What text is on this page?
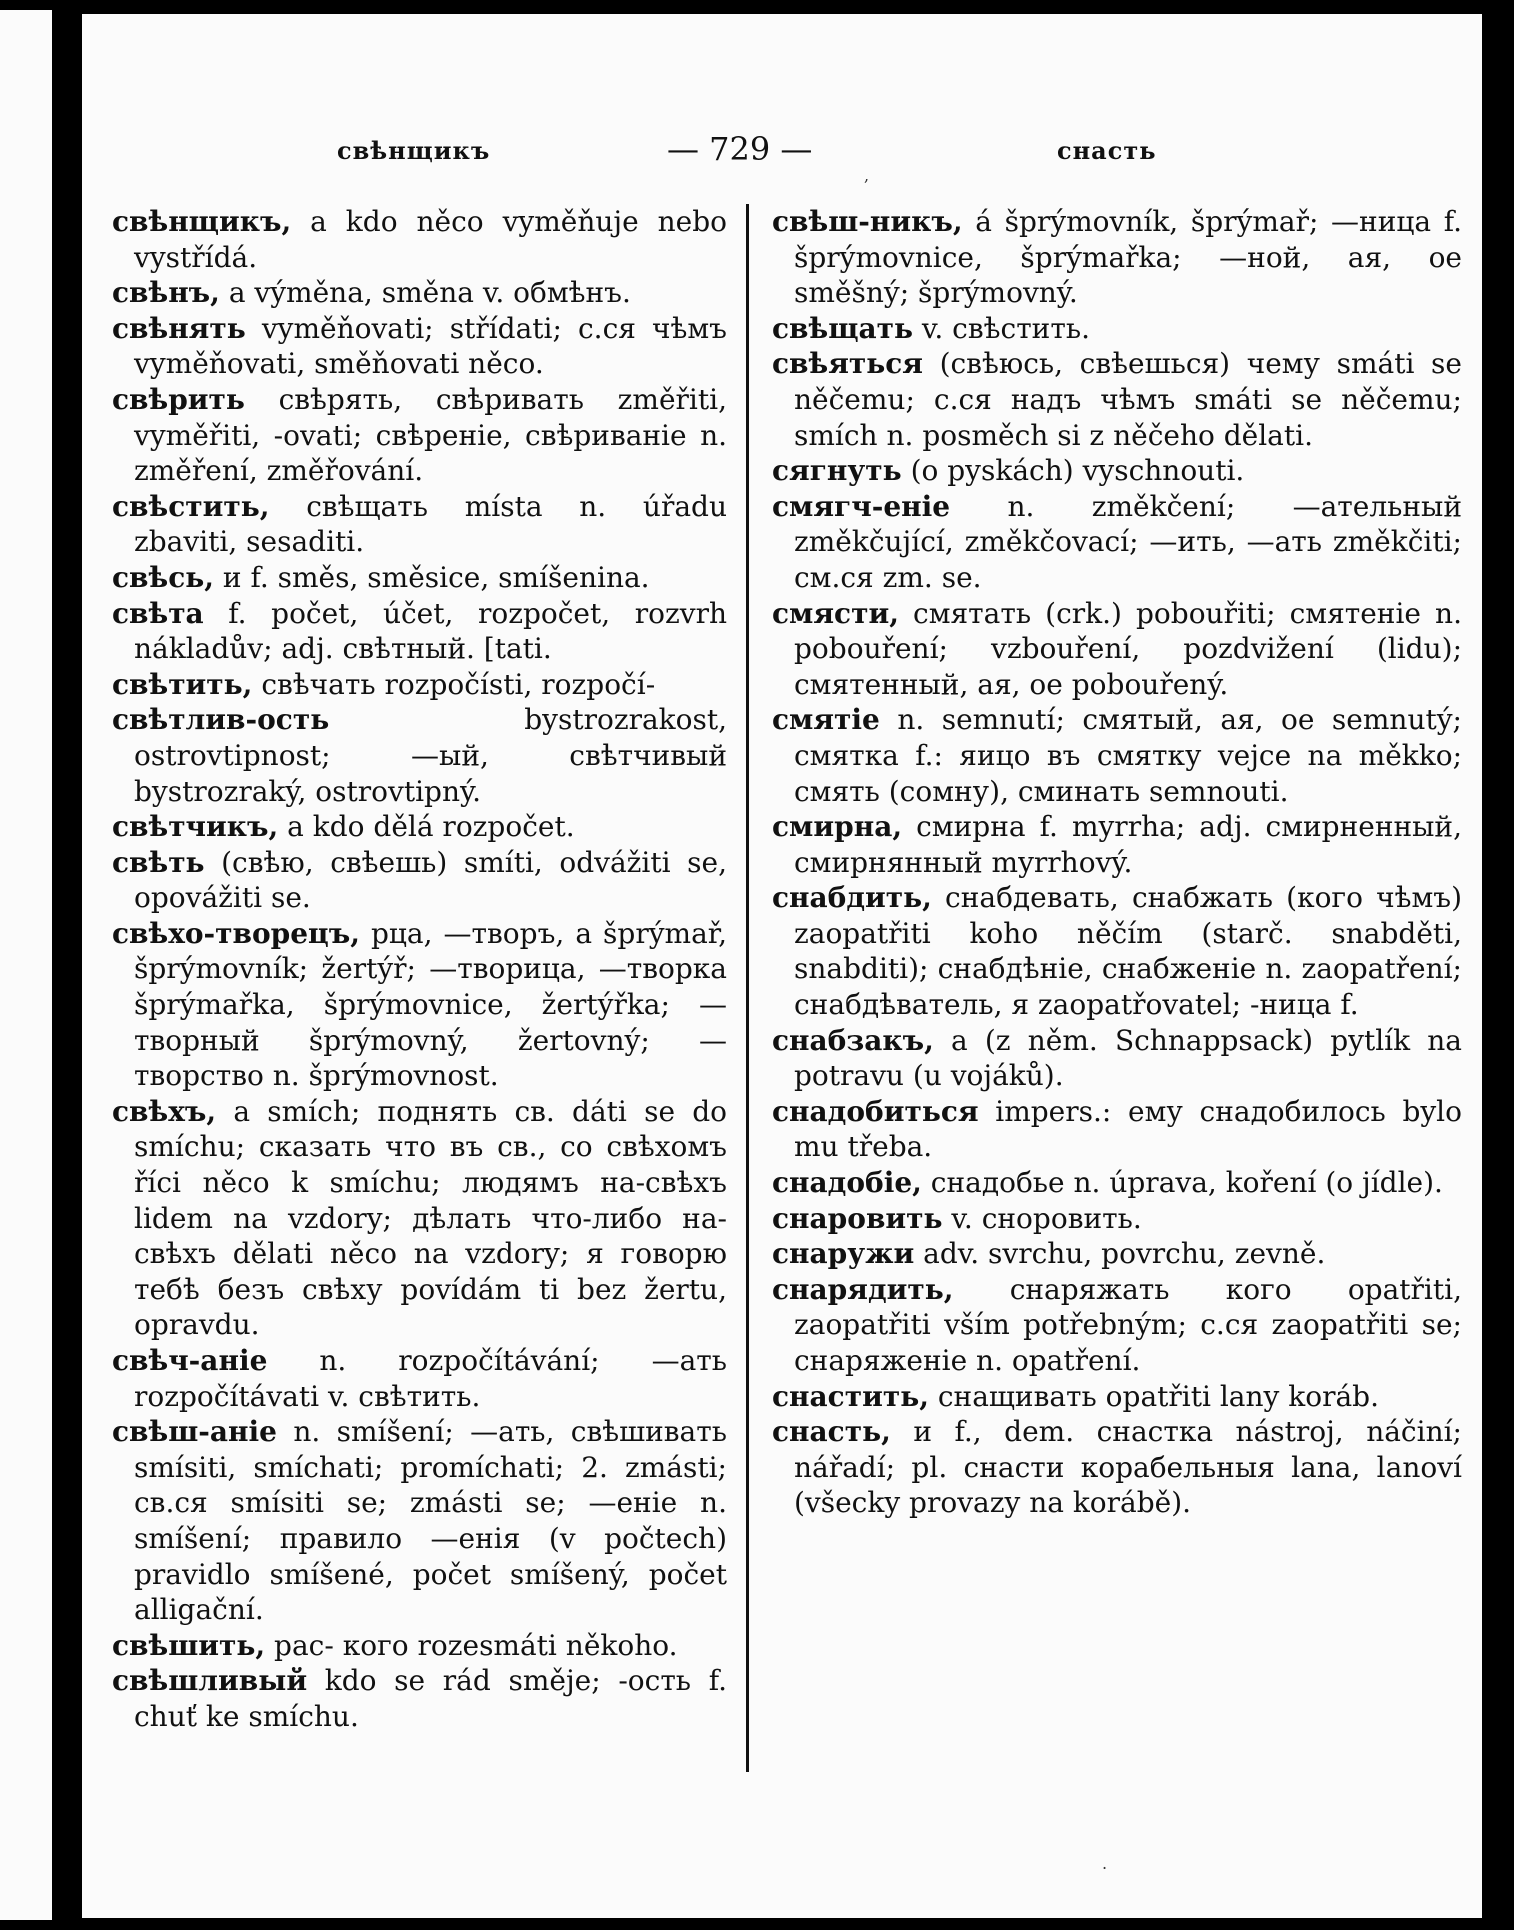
свѣнщикъ	— 729 —	снасть

свѣнщикъ, а kdo něco vyměňuje nebo vystřídá.

свѣнъ, а výměna, směna v. обмѣнъ.

свѣнять vyměňovati; střídati; с.ся чѣмъ vyměňovati, směňovati něco.

свѣрить свѣрять, свѣривать změřiti, vyměřiti, -ovati; свѣреніе, свѣриваніе n. změření, změřování.

свѣстить, свѣщать místa n. úřadu zbaviti, sesaditi.

свѣсь, и f. směs, směsice, smíšenina.

свѣта f. počet, účet, rozpočet, rozvrh nákladův; adj. свѣтный. [tati.

свѣтить, свѣчать rozpočísti, rozpočí-

свѣтлив-ость bystrozrakost, ostrovtipnost; —ый, свѣтчивый bystrozraký, ostrovtipný.

свѣтчикъ, а kdo dělá rozpočet.

свѣть (свѣю, свѣешь) smíti, odvážiti se, opovážiti se.

свѣхо-творецъ, рца, —творъ, а šprýmař, šprýmovník; žertýř; —творица, —творка šprýmařka, šprýmovnice, žertýřka; —творный šprýmovný, žertovný; —творство n. šprýmovnost.

свѣхъ, а smích; поднять св. dáti se do smíchu; сказать что въ св., со свѣхомъ říci něco k smíchu; людямъ на-свѣхъ lidem na vzdory; дѣлать что-либо на-свѣхъ dělati něco na vzdory; я говорю тебѣ безъ свѣху povídám ti bez žertu, opravdu.

свѣч-аніе n. rozpočítávání; —ать rozpočítávati v. свѣтить.

свѣш-аніе n. smíšení; —ать, свѣшивать smísiti, smíchati; promíchati; 2. zmásti; св.ся smísiti se; zmásti se; —еніе n. smíšení; правило —енія (v počtech) pravidlo smíšené, počet smíšený, počet alligační.

свѣшить, рас- кого rozesmáti někoho.

свѣшливый kdo se rád směje; -ость f. chuť ke smíchu.

свѣш-никъ, á šprýmovník, šprýmař; —ница f. šprýmovnice, šprýmařka; —ной, ая, ое směšný; šprýmovný.

свѣщать v. свѣстить.

свѣяться (свѣюсь, свѣешься) чему smáti se něčemu; с.ся надъ чѣмъ smáti se něčemu; smích n. posměch si z něčeho dělati.

сягнуть (о pyskách) vyschnouti.

смягч-еніе n. změkčení; —ательный změkčující, změkčovací; —ить, —ать změkčiti; см.ся zm. se.

смясти, смятать (crk.) pobouřiti; смятеніе n. pobouření; vzbouření, pozdvižení (lidu); смятенный, ая, ое pobouřený.

смятіе n. semnutí; смятый, ая, ое semnutý; смятка f.: яицо въ смятку vejce na měkko; смять (сомну), сминать semnouti.

смирна, смирна f. myrrha; adj. смирненный, смирнянный myrrhový.

снабдить, снабдевать, снабжать (кого чѣмъ) zaopatřiti koho něčím (starč. snabděti, snabditi); снабдѣніе, снабженіе n. zaopatření; снабдѣватель, я zaopatřovatel; -ница f.

снабзакъ, а (z něm. Schnappsack) pytlík na potravu (u vojáků).

снадобиться impers.: ему снадобилось bylo mu třeba.

снадобіе, снадобье n. úprava, koření (o jídle).

снаровить v. сноровить.

снаружи adv. svrchu, povrchu, zevně.

снарядить, снаряжать кого opatřiti, zaopatřiti vším potřebným; с.ся zaopatřiti se; снаряженіе n. opatření.

снастить, снащивать opatřiti lany koráb.

снасть, и f., dem. снастка nástroj, náčiní; nářadí; pl. снасти корабельныя lana, lanoví (všecky provazy na korábě).

,
.
